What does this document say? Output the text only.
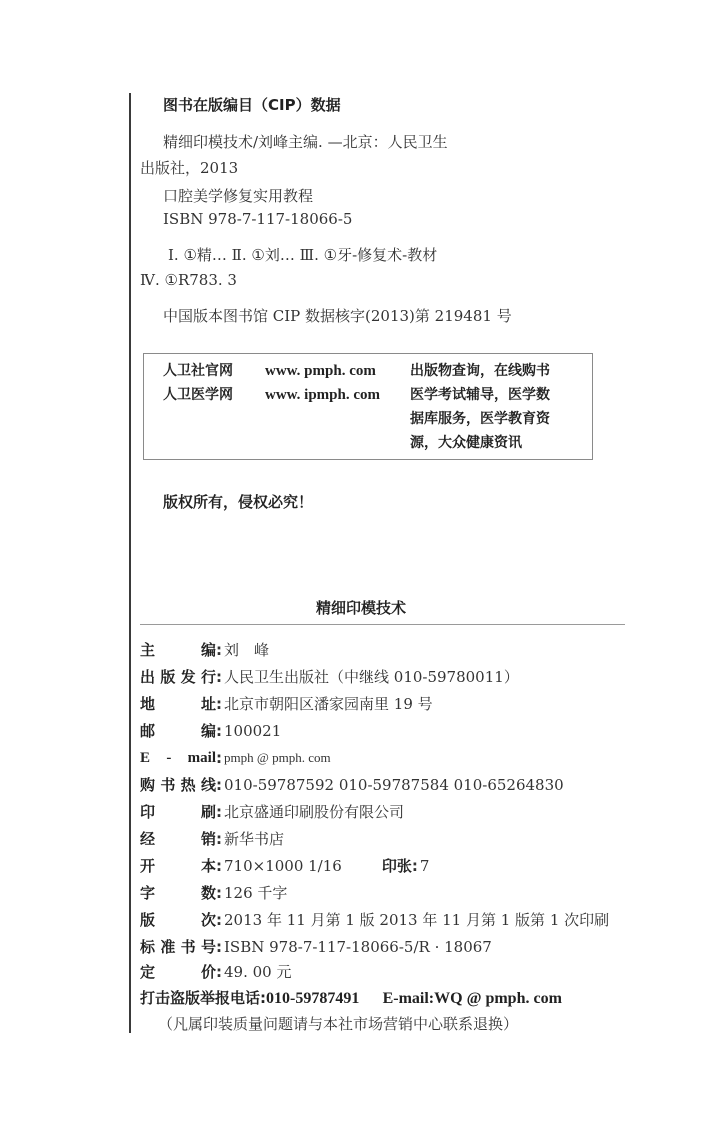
图书在版编目（CIP）数据
精细印模技术/刘峰主编. —北京：人民卫生
出版社，2013
口腔美学修复实用教程
ISBN 978-7-117-18066-5
Ⅰ. ①精… Ⅱ. ①刘… Ⅲ. ①牙-修复术-教材
Ⅳ. ①R783. 3
中国版本图书馆 CIP 数据核字(2013)第 219481 号
人卫社官网 www. pmph. com 出版物查询，在线购书
人卫医学网 www. ipmph. com 医学考试辅导，医学数
据库服务，医学教育资
源，大众健康资讯
版权所有，侵权必究！
精细印模技术
主编 : 刘　峰
出版发行 : 人民卫生出版社（中继线 010-59780011）
地址 : 北京市朝阳区潘家园南里 19 号
邮编 : 100021
E - mail : pmph @ pmph. com
购书热线 : 010-59787592 010-59787584 010-65264830
印刷 : 北京盛通印刷股份有限公司
经销 : 新华书店
开本 : 710×1000 1/16	印张 : 7
字数 : 126 千字
版次 : 2013 年 11 月第 1 版 2013 年 11 月第 1 版第 1 次印刷
标准书号 : ISBN 978-7-117-18066-5/R · 18067
定价 : 49. 00 元
打击盗版举报电话:010-59787491 E-mail:WQ @ pmph. com
（凡属印装质量问题请与本社市场营销中心联系退换）
